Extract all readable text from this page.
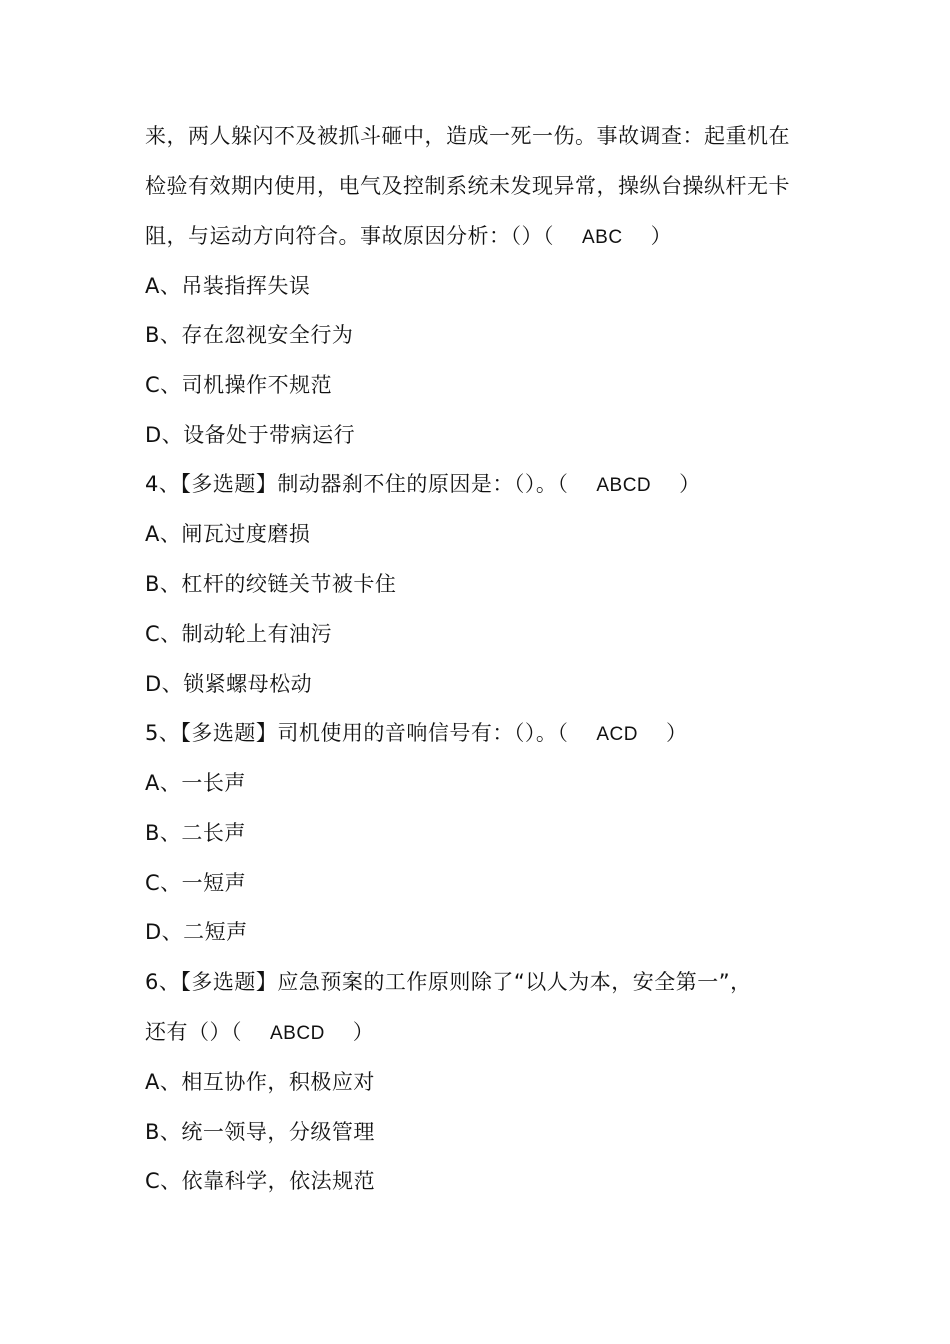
来，两人躲闪不及被抓斗砸中，造成一死一伤。事故调查：起重机在
检验有效期内使用，电气及控制系统未发现异常，操纵台操纵杆无卡
阻，与运动方向符合。事故原因分析：（）（ ABC ）
A、吊装指挥失误
B、存在忽视安全行为
C、司机操作不规范
D、设备处于带病运行
4、【多选题】制动器刹不住的原因是：（）。（ ABCD ）
A、闸瓦过度磨损
B、杠杆的绞链关节被卡住
C、制动轮上有油污
D、锁紧螺母松动
5、【多选题】司机使用的音响信号有：（）。（ ACD ）
A、一长声
B、二长声
C、一短声
D、二短声
6、【多选题】应急预案的工作原则除了“以人为本，安全第一”，
还有（）（ ABCD ）
A、相互协作，积极应对
B、统一领导，分级管理
C、依靠科学，依法规范
